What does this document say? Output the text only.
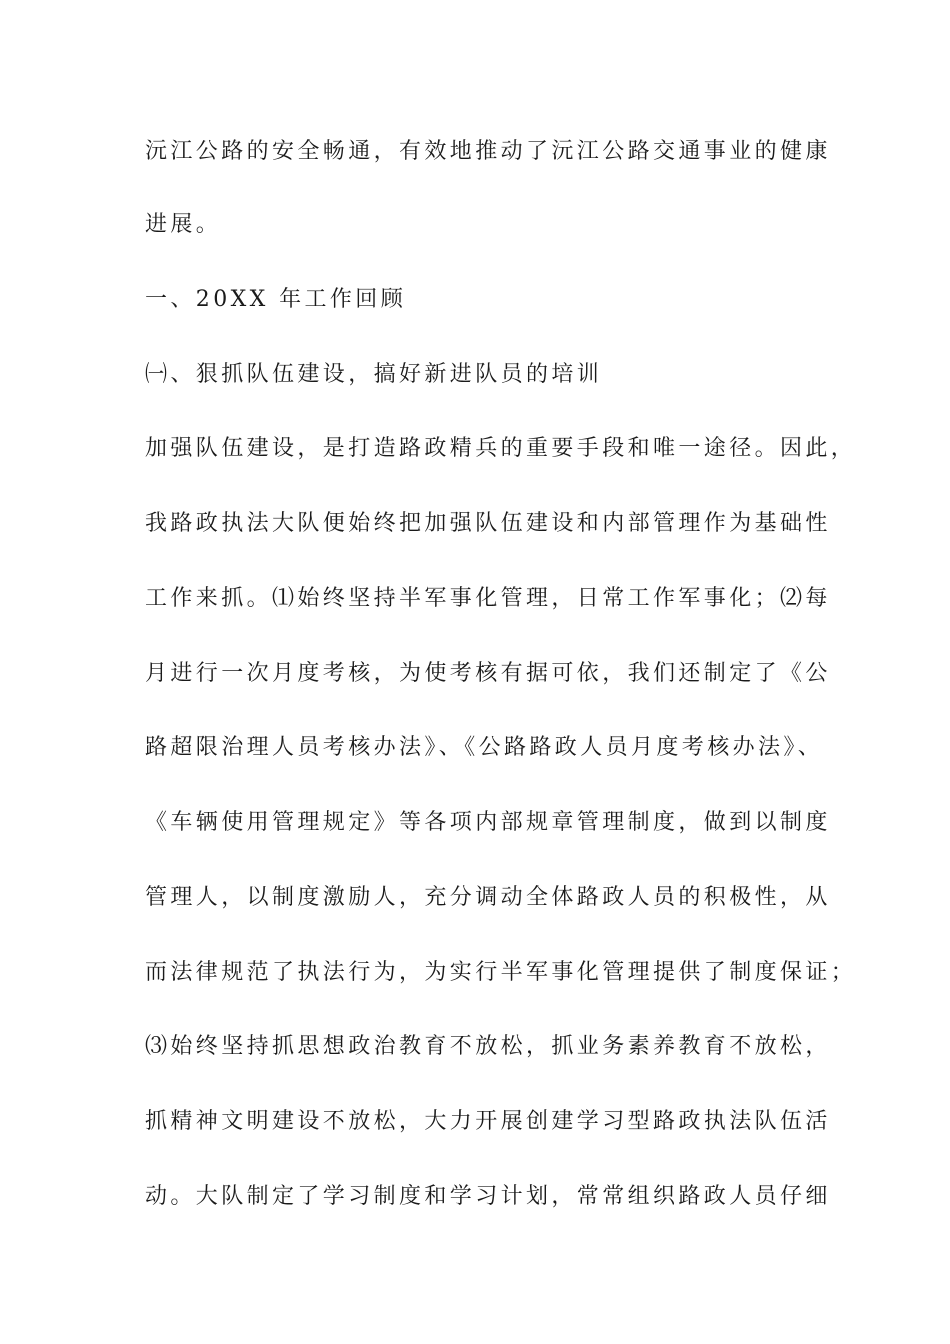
沅江公路的安全畅通，有效地推动了沅江公路交通事业的健康
进展。
一、20XX 年工作回顾
㈠、狠抓队伍建设，搞好新进队员的培训
加强队伍建设，是打造路政精兵的重要手段和唯一途径。因此，
我路政执法大队便始终把加强队伍建设和内部管理作为基础性
工作来抓。⑴始终坚持半军事化管理，日常工作军事化；⑵每
月进行一次月度考核，为使考核有据可依，我们还制定了《公
路超限治理人员考核办法》、《公路路政人员月度考核办法》、
《车辆使用管理规定》等各项内部规章管理制度，做到以制度
管理人，以制度激励人，充分调动全体路政人员的积极性，从
而法律规范了执法行为，为实行半军事化管理提供了制度保证；
⑶始终坚持抓思想政治教育不放松，抓业务素养教育不放松，
抓精神文明建设不放松，大力开展创建学习型路政执法队伍活
动。大队制定了学习制度和学习计划，常常组织路政人员仔细
